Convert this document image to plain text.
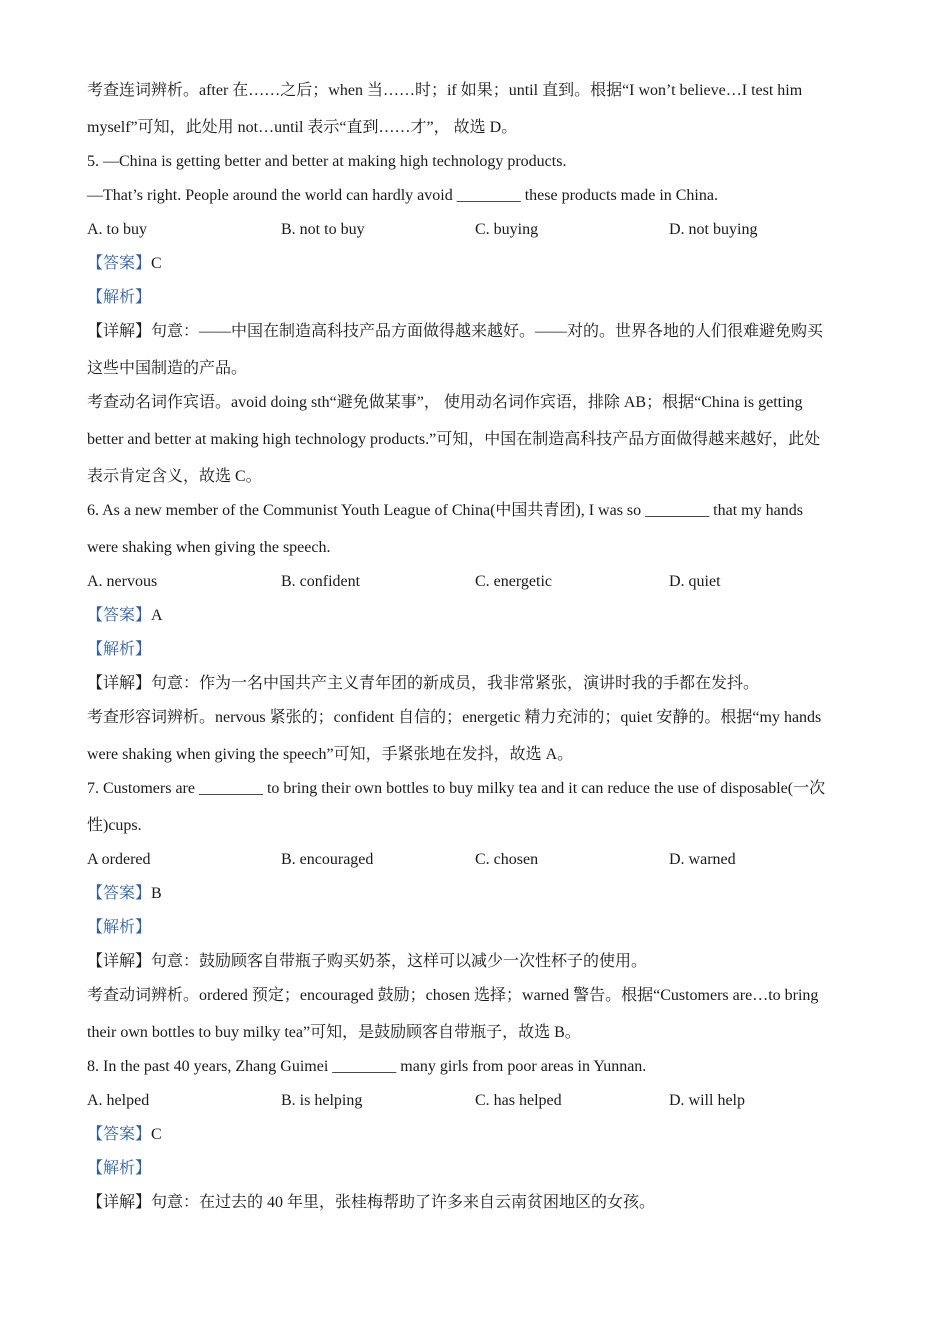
考查连词辨析。after 在……之后；when 当……时；if 如果；until 直到。根据“I won’t believe…I test him
myself”可知，此处用 not…until 表示“直到……才”， 故选 D。
5. —China is getting better and better at making high technology products.
—That’s right. People around the world can hardly avoid ________ these products made in China.
A. to buy	B. not to buy	C. buying	D. not buying
【答案】C
【解析】
【详解】句意：——中国在制造高科技产品方面做得越来越好。——对的。世界各地的人们很难避免购买
这些中国制造的产品。
考查动名词作宾语。avoid doing sth“避免做某事”， 使用动名词作宾语，排除 AB；根据“China is getting
better and better at making high technology products.”可知，中国在制造高科技产品方面做得越来越好，此处
表示肯定含义，故选 C。
6. As a new member of the Communist Youth League of China(中国共青团), I was so ________ that my hands
were shaking when giving the speech.
A. nervous	B. confident	C. energetic	D. quiet
【答案】A
【解析】
【详解】句意：作为一名中国共产主义青年团的新成员，我非常紧张，演讲时我的手都在发抖。
考查形容词辨析。nervous 紧张的；confident 自信的；energetic 精力充沛的；quiet 安静的。根据“my hands
were shaking when giving the speech”可知，手紧张地在发抖，故选 A。
7. Customers are ________ to bring their own bottles to buy milky tea and it can reduce the use of disposable(一次
性)cups.
A ordered	B. encouraged	C. chosen	D. warned
【答案】B
【解析】
【详解】句意：鼓励顾客自带瓶子购买奶茶，这样可以减少一次性杯子的使用。
考查动词辨析。ordered 预定；encouraged 鼓励；chosen 选择；warned 警告。根据“Customers are…to bring
their own bottles to buy milky tea”可知，是鼓励顾客自带瓶子，故选 B。
8. In the past 40 years, Zhang Guimei ________ many girls from poor areas in Yunnan.
A. helped	B. is helping	C. has helped	D. will help
【答案】C
【解析】
【详解】句意：在过去的 40 年里，张桂梅帮助了许多来自云南贫困地区的女孩。
